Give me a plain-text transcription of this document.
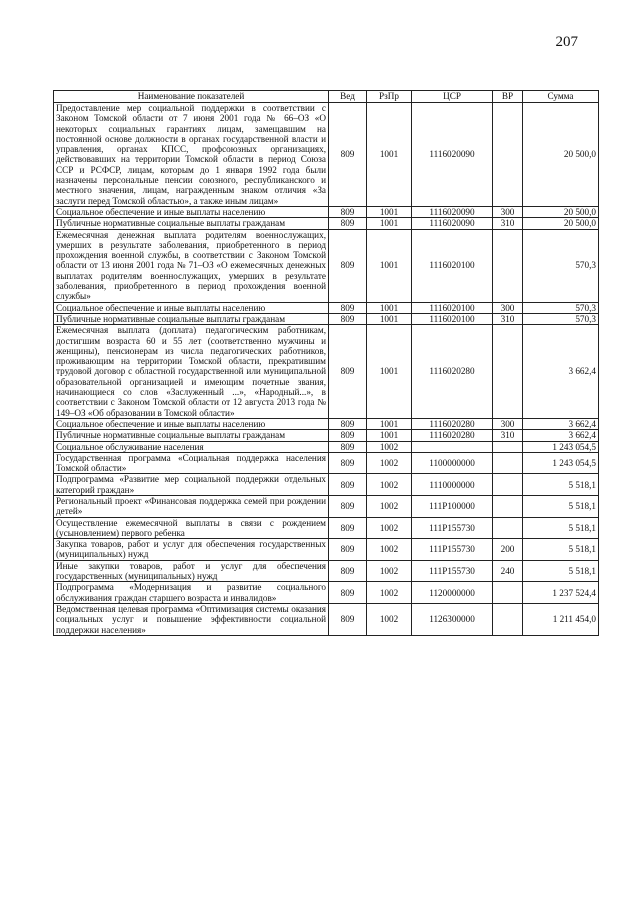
207
Наименование показателей	Вед	РзПр	ЦСР	ВР	Сумма
Предоставление мер социальной поддержки в соответствии с Законом Томской области от 7 июня 2001 года № 66–ОЗ «О некоторых социальных гарантиях лицам, замещавшим на постоянной основе должности в органах государственной власти и управления, органах КПСС, профсоюзных организациях, действовавших на территории Томской области в период Союза ССР и РСФСР, лицам, которым до 1 января 1992 года были назначены персональные пенсии союзного, республиканского и местного значения, лицам, награжденным знаком отличия «За заслуги перед Томской областью», а также иным лицам»	809	1001	1116020090		20 500,0
Социальное обеспечение и иные выплаты населению	809	1001	1116020090	300	20 500,0
Публичные нормативные социальные выплаты гражданам	809	1001	1116020090	310	20 500,0
Ежемесячная денежная выплата родителям военнослужащих, умерших в результате заболевания, приобретенного в период прохождения военной службы, в соответствии с Законом Томской области от 13 июня 2001 года № 71–ОЗ «О ежемесячных денежных выплатах родителям военнослужащих, умерших в результате заболевания, приобретенного в период прохождения военной службы»	809	1001	1116020100		570,3
Социальное обеспечение и иные выплаты населению	809	1001	1116020100	300	570,3
Публичные нормативные социальные выплаты гражданам	809	1001	1116020100	310	570,3
Ежемесячная выплата (доплата) педагогическим работникам, достигшим возраста 60 и 55 лет (соответственно мужчины и женщины), пенсионерам из числа педагогических работников, проживающим на территории Томской области, прекратившим трудовой договор с областной государственной или муниципальной образовательной организацией и имеющим почетные звания, начинающиеся со слов «Заслуженный ...», «Народный...», в соответствии с Законом Томской области от 12 августа 2013 года № 149–ОЗ «Об образовании в Томской области»	809	1001	1116020280		3 662,4
Социальное обеспечение и иные выплаты населению	809	1001	1116020280	300	3 662,4
Публичные нормативные социальные выплаты гражданам	809	1001	1116020280	310	3 662,4
Социальное обслуживание населения	809	1002			1 243 054,5
Государственная программа «Социальная поддержка населения Томской области»	809	1002	1100000000		1 243 054,5
Подпрограмма «Развитие мер социальной поддержки отдельных категорий граждан»	809	1002	1110000000		5 518,1
Региональный проект «Финансовая поддержка семей при рождении детей»	809	1002	111P100000		5 518,1
Осуществление ежемесячной выплаты в связи с рождением (усыновлением) первого ребенка	809	1002	111P155730		5 518,1
Закупка товаров, работ и услуг для обеспечения государственных (муниципальных) нужд	809	1002	111P155730	200	5 518,1
Иные закупки товаров, работ и услуг для обеспечения государственных (муниципальных) нужд	809	1002	111P155730	240	5 518,1
Подпрограмма «Модернизация и развитие социального обслуживания граждан старшего возраста и инвалидов»	809	1002	1120000000		1 237 524,4
Ведомственная целевая программа «Оптимизация системы оказания социальных услуг и повышение эффективности социальной поддержки населения»	809	1002	1126300000		1 211 454,0
